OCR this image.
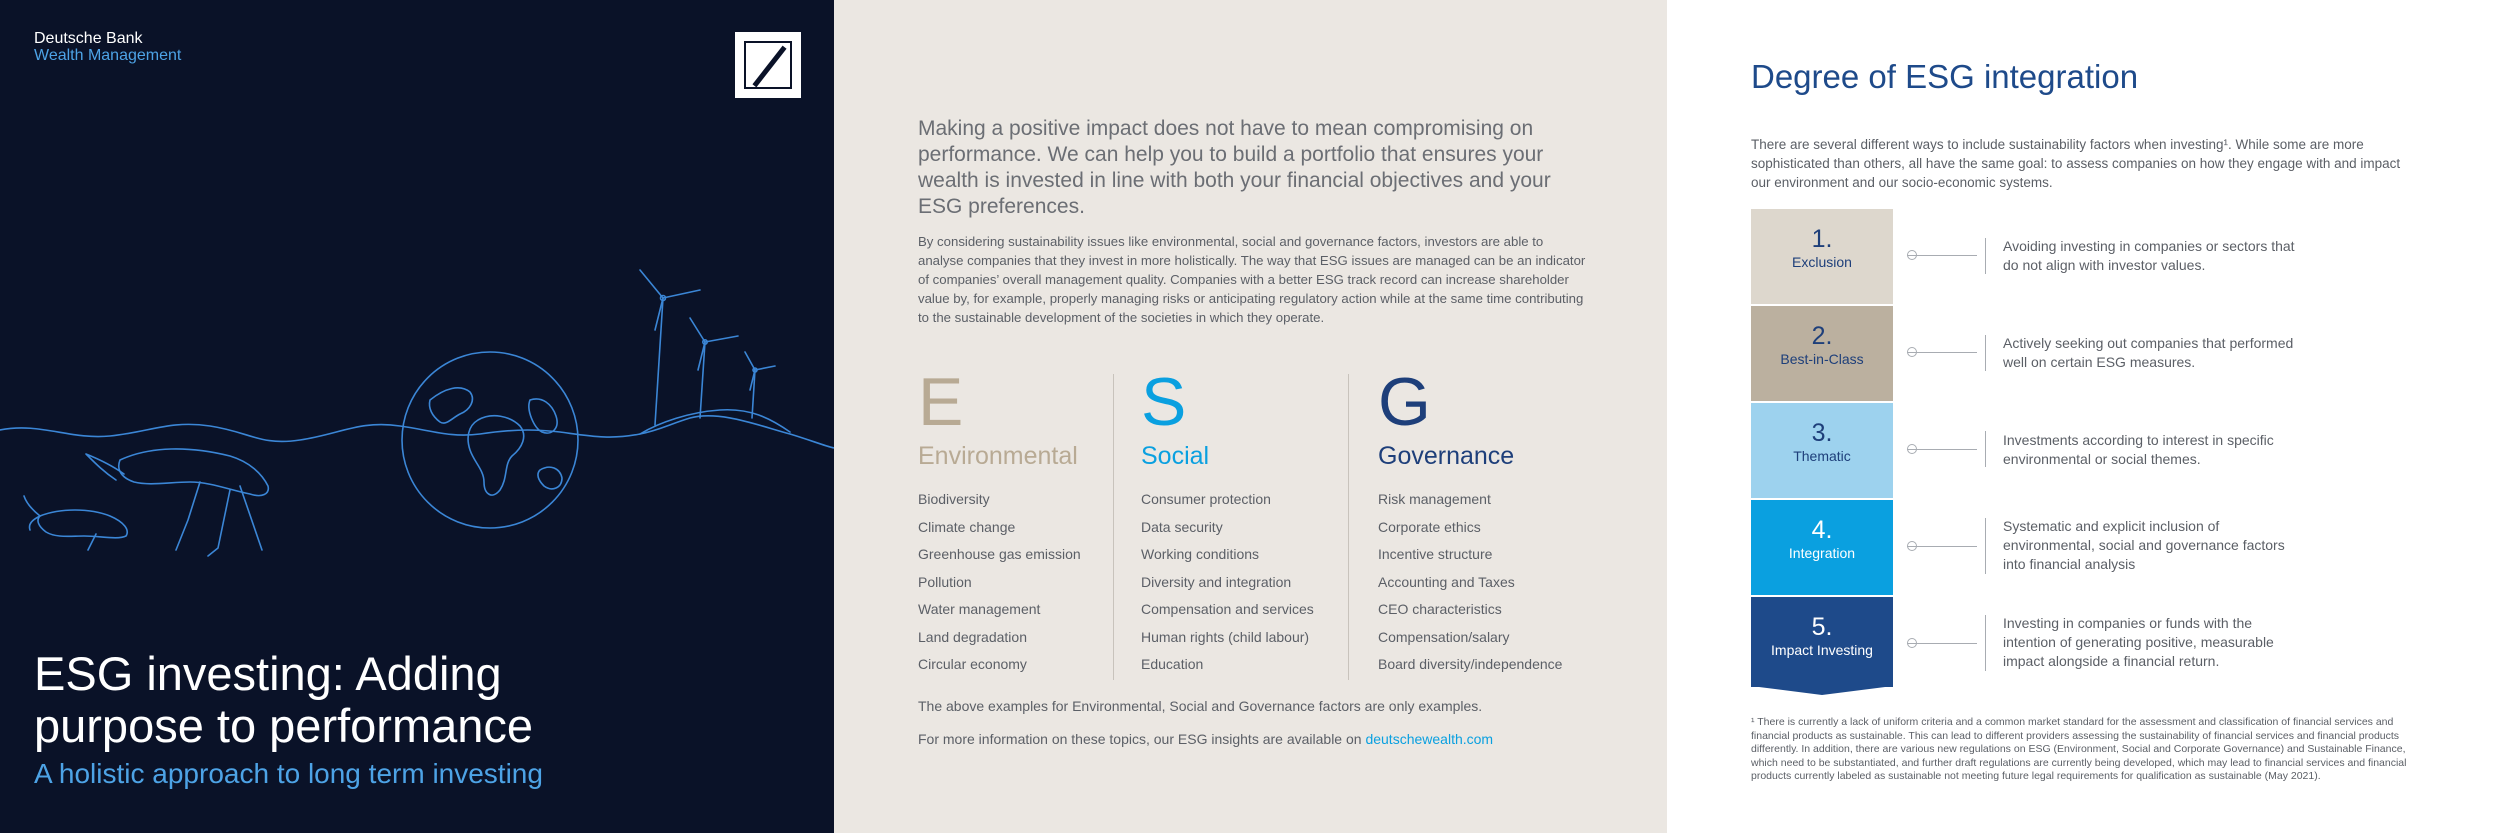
Deutsche Bank
Wealth Management
ESG investing: Adding purpose to performance
A holistic approach to long term investing

Making a positive impact does not have to mean compromising on performance. We can help you to build a portfolio that ensures your wealth is invested in line with both your financial objectives and your ESG preferences.

By considering sustainability issues like environmental, social and governance factors, investors are able to analyse companies that they invest in more holistically. The way that ESG issues are managed can be an indicator of companies’ overall management quality. Companies with a better ESG track record can increase shareholder value by, for example, properly managing risks or anticipating regulatory action while at the same time contributing to the sustainable development of the societies in which they operate.

E
Environmental
Biodiversity
Climate change
Greenhouse gas emission
Pollution
Water management
Land degradation
Circular economy
S
Social
Consumer protection
Data security
Working conditions
Diversity and integration
Compensation and services
Human rights (child labour)
Education
G
Governance
Risk management
Corporate ethics
Incentive structure
Accounting and Taxes
CEO characteristics
Compensation/salary
Board diversity/independence
The above examples for Environmental, Social and Governance factors are only examples.
For more information on these topics, our ESG insights are available on deutschewealth.com
Degree of ESG integration

There are several different ways to include sustainability factors when investing¹. While some are more sophisticated than others, all have the same goal: to assess companies on how they engage with and impact our environment and our socio-economic systems.

1.
Exclusion
Avoiding investing in companies or sectors that do not align with investor values.
2.
Best-in-Class
Actively seeking out companies that performed well on certain ESG measures.
3.
Thematic
Investments according to interest in specific environmental or social themes.
4.
Integration
Systematic and explicit inclusion of environmental, social and governance factors into financial analysis
5.
Impact Investing
Investing in companies or funds with the intention of generating positive, measurable impact alongside a financial return.

¹ There is currently a lack of uniform criteria and a common market standard for the assessment and classification of financial services and financial products as sustainable. This can lead to different providers assessing the sustainability of financial services and financial products differently. In addition, there are various new regulations on ESG (Environment, Social and Corporate Governance) and Sustainable Finance, which need to be substantiated, and further draft regulations are currently being developed, which may lead to financial services and financial products currently labeled as sustainable not meeting future legal requirements for qualification as sustainable (May 2021).
